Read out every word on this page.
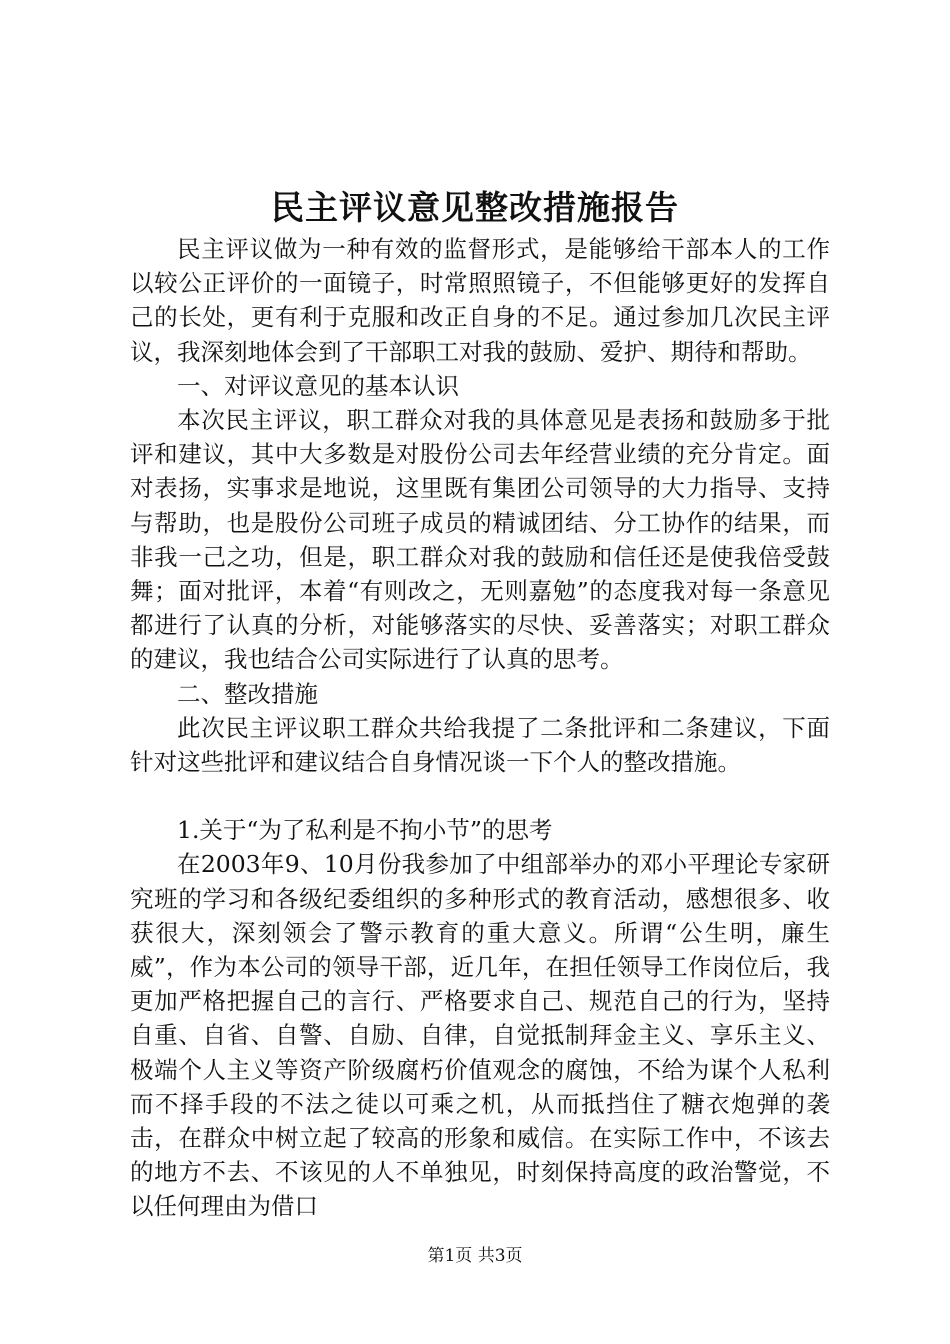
民主评议意见整改措施报告

民主评议做为一种有效的监督形式，是能够给干部本人的工作以较公正评价的一面镜子，时常照照镜子，不但能够更好的发挥自己的长处，更有利于克服和改正自身的不足。通过参加几次民主评议，我深刻地体会到了干部职工对我的鼓励、爱护、期待和帮助。

一、对评议意见的基本认识

本次民主评议，职工群众对我的具体意见是表扬和鼓励多于批评和建议，其中大多数是对股份公司去年经营业绩的充分肯定。面对表扬，实事求是地说，这里既有集团公司领导的大力指导、支持与帮助，也是股份公司班子成员的精诚团结、分工协作的结果，而非我一己之功，但是，职工群众对我的鼓励和信任还是使我倍受鼓舞；面对批评，本着“有则改之，无则嘉勉”的态度我对每一条意见都进行了认真的分析，对能够落实的尽快、妥善落实；对职工群众的建议，我也结合公司实际进行了认真的思考。

二、整改措施

此次民主评议职工群众共给我提了二条批评和二条建议，下面针对这些批评和建议结合自身情况谈一下个人的整改措施。

1.关于“为了私利是不拘小节”的思考

在2003年9、10月份我参加了中组部举办的邓小平理论专家研究班的学习和各级纪委组织的多种形式的教育活动，感想很多、收获很大，深刻领会了警示教育的重大意义。所谓“公生明，廉生威”，作为本公司的领导干部，近几年，在担任领导工作岗位后，我更加严格把握自己的言行、严格要求自己、规范自己的行为，坚持自重、自省、自警、自励、自律，自觉抵制拜金主义、享乐主义、极端个人主义等资产阶级腐朽价值观念的腐蚀，不给为谋个人私利而不择手段的不法之徒以可乘之机，从而抵挡住了糖衣炮弹的袭击，在群众中树立起了较高的形象和威信。在实际工作中，不该去的地方不去、不该见的人不单独见，时刻保持高度的政治警觉，不以任何理由为借口

第1页 共3页
